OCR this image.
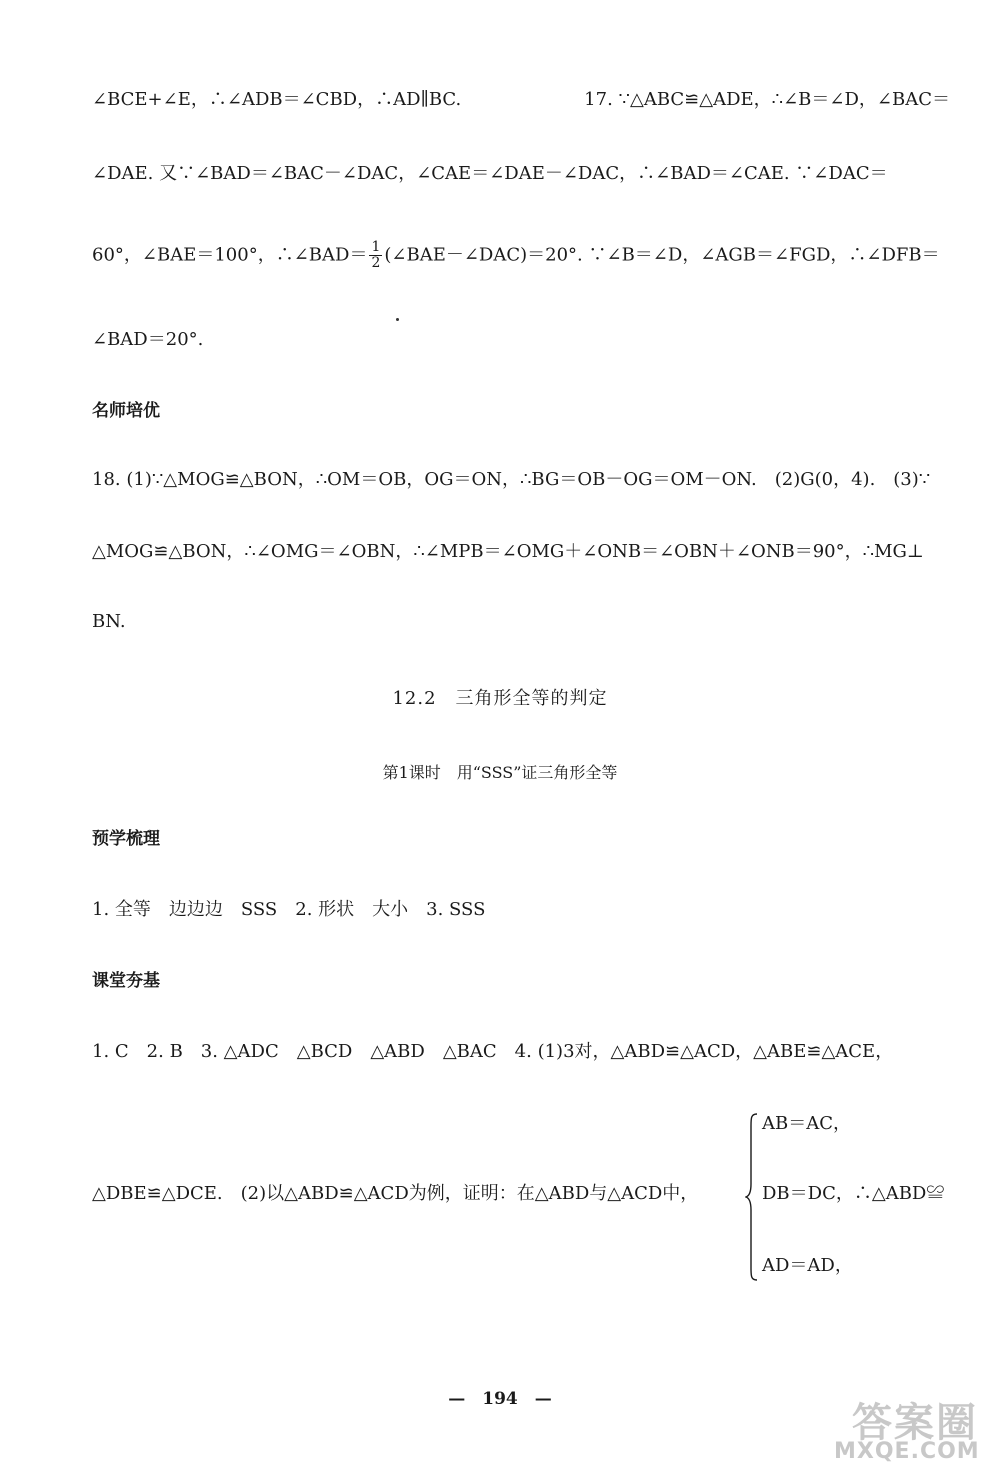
∠BCE+∠E，∴∠ADB＝∠CBD，∴AD∥BC.	17. ∵△ABC≌△ADE，∴∠B＝∠D，∠BAC＝
∠DAE. 又∵∠BAD＝∠BAC－∠DAC，∠CAE＝∠DAE－∠DAC，∴∠BAD＝∠CAE. ∵∠DAC＝
60°，∠BAE＝100°，∴∠BAD＝ $\frac{1}{2}$ (∠BAE－∠DAC)＝20°. ∵∠B＝∠D，∠AGB＝∠FGD，∴∠DFB＝
∠BAD＝20°.
名师培优
18. (1)∵△MOG≌△BON，∴OM＝OB，OG＝ON，∴BG＝OB－OG＝OM－ON.　(2)G(0，4).　(3)∵
△MOG≌△BON，∴∠OMG＝∠OBN，∴∠MPB＝∠OMG＋∠ONB＝∠OBN＋∠ONB＝90°，∴MG⊥
BN.
12.2　三角形全等的判定
第1课时　用“SSS”证三角形全等
预学梳理
1. 全等　边边边　SSS　2. 形状　大小　3. SSS
课堂夯基
1. C　2. B　3. △ADC　△BCD　△ABD　△BAC　4. (1)3对，△ABD≌△ACD，△ABE≌△ACE，
△DBE≌△DCE.　(2)以△ABD≌△ACD为例，证明：在△ABD与△ACD中，
AB＝AC，
DB＝DC，∴△ABD≌
AD＝AD，
—　194　—
答案圈
MXQE.COM
